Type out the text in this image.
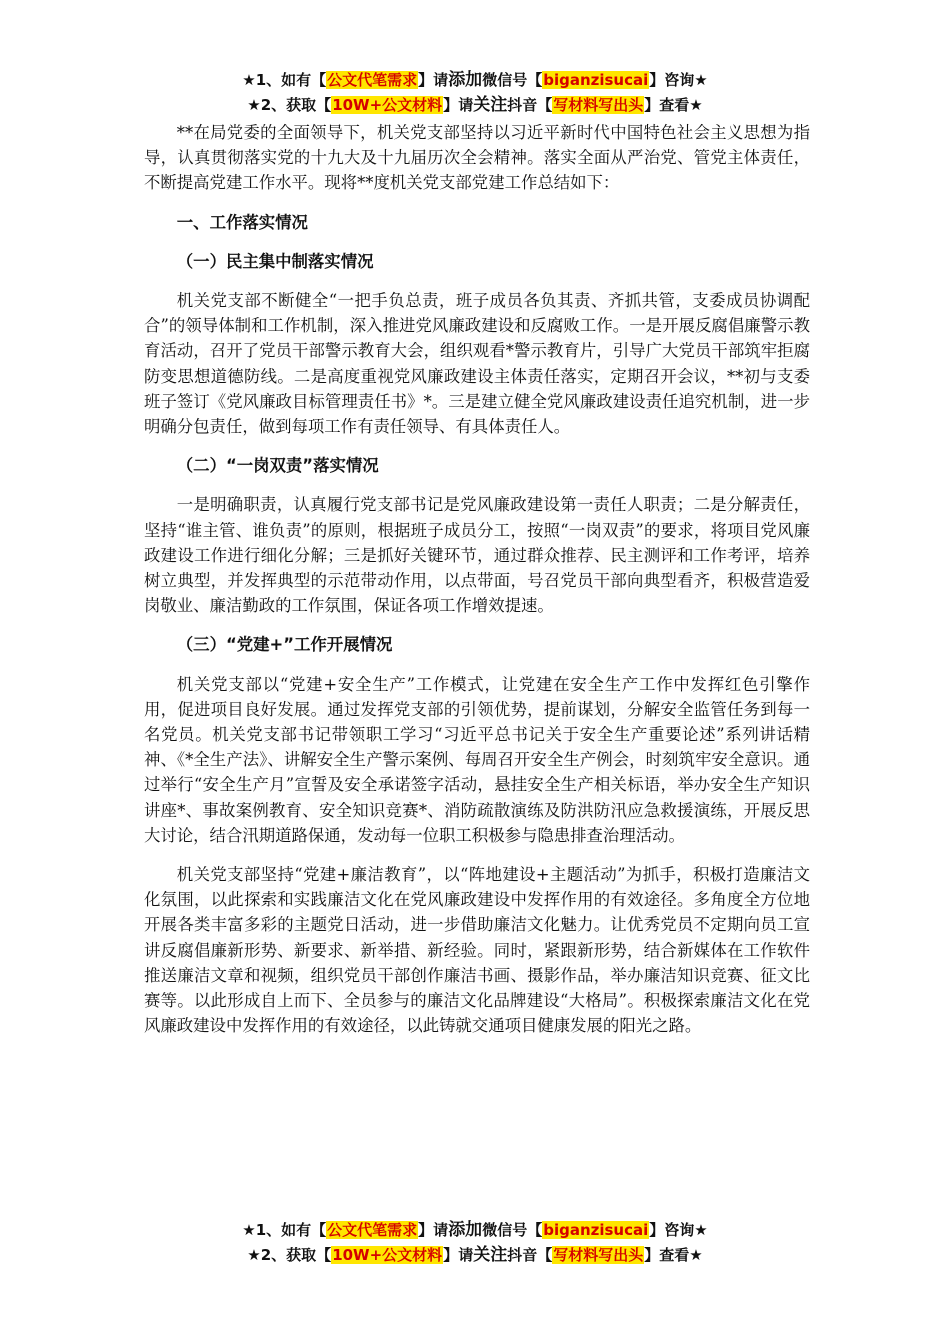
★1、如有【公文代笔需求】请添加微信号【biganzisucai】咨询★
★2、获取【10W+公文材料】请关注抖音【写材料写出头】查看★

**在局党委的全面领导下，机关党支部坚持以习近平新时代中国特色社会主义思想为指导，认真贯彻落实党的十九大及十九届历次全会精神。落实全面从严治党、管党主体责任，不断提高党建工作水平。现将**度机关党支部党建工作总结如下：

一、工作落实情况
（一）民主集中制落实情况

机关党支部不断健全“一把手负总责，班子成员各负其责、齐抓共管，支委成员协调配合”的领导体制和工作机制，深入推进党风廉政建设和反腐败工作。一是开展反腐倡廉警示教育活动，召开了党员干部警示教育大会，组织观看*警示教育片，引导广大党员干部筑牢拒腐防变思想道德防线。二是高度重视党风廉政建设主体责任落实，定期召开会议，**初与支委班子签订《党风廉政目标管理责任书》*。三是建立健全党风廉政建设责任追究机制，进一步明确分包责任，做到每项工作有责任领导、有具体责任人。

（二）“一岗双责”落实情况

一是明确职责，认真履行党支部书记是党风廉政建设第一责任人职责；二是分解责任，坚持“谁主管、谁负责”的原则，根据班子成员分工，按照“一岗双责”的要求，将项目党风廉政建设工作进行细化分解；三是抓好关键环节，通过群众推荐、民主测评和工作考评，培养树立典型，并发挥典型的示范带动作用，以点带面，号召党员干部向典型看齐，积极营造爱岗敬业、廉洁勤政的工作氛围，保证各项工作增效提速。

（三）“党建+”工作开展情况

机关党支部以“党建+安全生产”工作模式，让党建在安全生产工作中发挥红色引擎作用，促进项目良好发展。通过发挥党支部的引领优势，提前谋划，分解安全监管任务到每一名党员。机关党支部书记带领职工学习“习近平总书记关于安全生产重要论述”系列讲话精神、《*全生产法》、讲解安全生产警示案例、每周召开安全生产例会，时刻筑牢安全意识。通过举行“安全生产月”宣誓及安全承诺签字活动，悬挂安全生产相关标语，举办安全生产知识讲座*、事故案例教育、安全知识竞赛*、消防疏散演练及防洪防汛应急救援演练，开展反思大讨论，结合汛期道路保通，发动每一位职工积极参与隐患排查治理活动。

机关党支部坚持“党建+廉洁教育”，以“阵地建设+主题活动”为抓手，积极打造廉洁文化氛围，以此探索和实践廉洁文化在党风廉政建设中发挥作用的有效途径。多角度全方位地开展各类丰富多彩的主题党日活动，进一步借助廉洁文化魅力。让优秀党员不定期向员工宣讲反腐倡廉新形势、新要求、新举措、新经验。同时，紧跟新形势，结合新媒体在工作软件推送廉洁文章和视频，组织党员干部创作廉洁书画、摄影作品，举办廉洁知识竞赛、征文比赛等。以此形成自上而下、全员参与的廉洁文化品牌建设“大格局”。积极探索廉洁文化在党风廉政建设中发挥作用的有效途径，以此铸就交通项目健康发展的阳光之路。

★1、如有【公文代笔需求】请添加微信号【biganzisucai】咨询★
★2、获取【10W+公文材料】请关注抖音【写材料写出头】查看★
